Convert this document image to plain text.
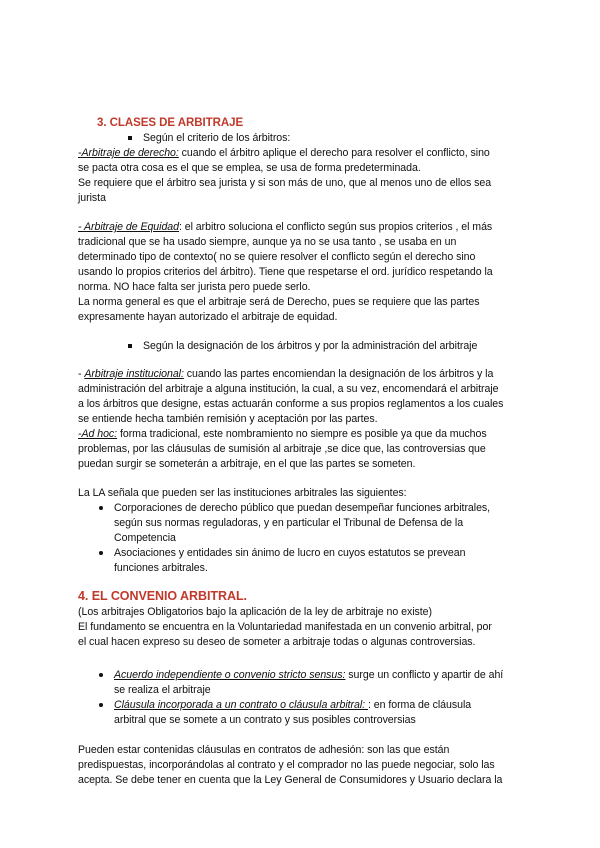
3. CLASES DE ARBITRAJE
Según el criterio de los árbitros:
-Arbitraje de derecho: cuando el árbitro aplique el derecho para resolver el conflicto, sino
se pacta otra cosa es el que se emplea, se usa de forma predeterminada.
Se requiere que el árbitro sea jurista y si son más de uno, que al menos uno de ellos sea
jurista
- Arbitraje de Equidad: el arbitro soluciona el conflicto según sus propios criterios , el más
tradicional que se ha usado siempre, aunque ya no se usa tanto , se usaba en un
determinado tipo de contexto( no se quiere resolver el conflicto según el derecho sino
usando lo propios criterios del árbitro). Tiene que respetarse el ord. jurídico respetando la
norma. NO hace falta ser jurista pero puede serlo.
La norma general es que el arbitraje será de Derecho, pues se requiere que las partes
expresamente hayan autorizado el arbitraje de equidad.
Según la designación de los árbitros y por la administración del arbitraje
- Arbitraje institucional: cuando las partes encomiendan la designación de los árbitros y la
administración del arbitraje a alguna institución, la cual, a su vez, encomendará el arbitraje
a los árbitros que designe, estas actuarán conforme a sus propios reglamentos a los cuales
se entiende hecha también remisión y aceptación por las partes.
-Ad hoc: forma tradicional, este nombramiento no siempre es posible ya que da muchos
problemas, por las cláusulas de sumisión al arbitraje ,se dice que, las controversias que
puedan surgir se someterán a arbitraje, en el que las partes se someten.
La LA señala que pueden ser las instituciones arbitrales las siguientes:
Corporaciones de derecho público que puedan desempeñar funciones arbitrales,
según sus normas reguladoras, y en particular el Tribunal de Defensa de la
Competencia
Asociaciones y entidades sin ánimo de lucro en cuyos estatutos se prevean
funciones arbitrales.
4. EL CONVENIO ARBITRAL.
(Los arbitrajes Obligatorios bajo la aplicación de la ley de arbitraje no existe)
El fundamento se encuentra en la Voluntariedad manifestada en un convenio arbitral, por
el cual hacen expreso su deseo de someter a arbitraje todas o algunas controversias.
Acuerdo independiente o convenio stricto sensus: surge un conflicto y apartir de ahí
se realiza el arbitraje
Cláusula incorporada a un contrato o cláusula arbitral: : en forma de cláusula
arbitral que se somete a un contrato y sus posibles controversias
Pueden estar contenidas cláusulas en contratos de adhesión: son las que están
predispuestas, incorporándolas al contrato y el comprador no las puede negociar, solo las
acepta. Se debe tener en cuenta que la Ley General de Consumidores y Usuario declara la
